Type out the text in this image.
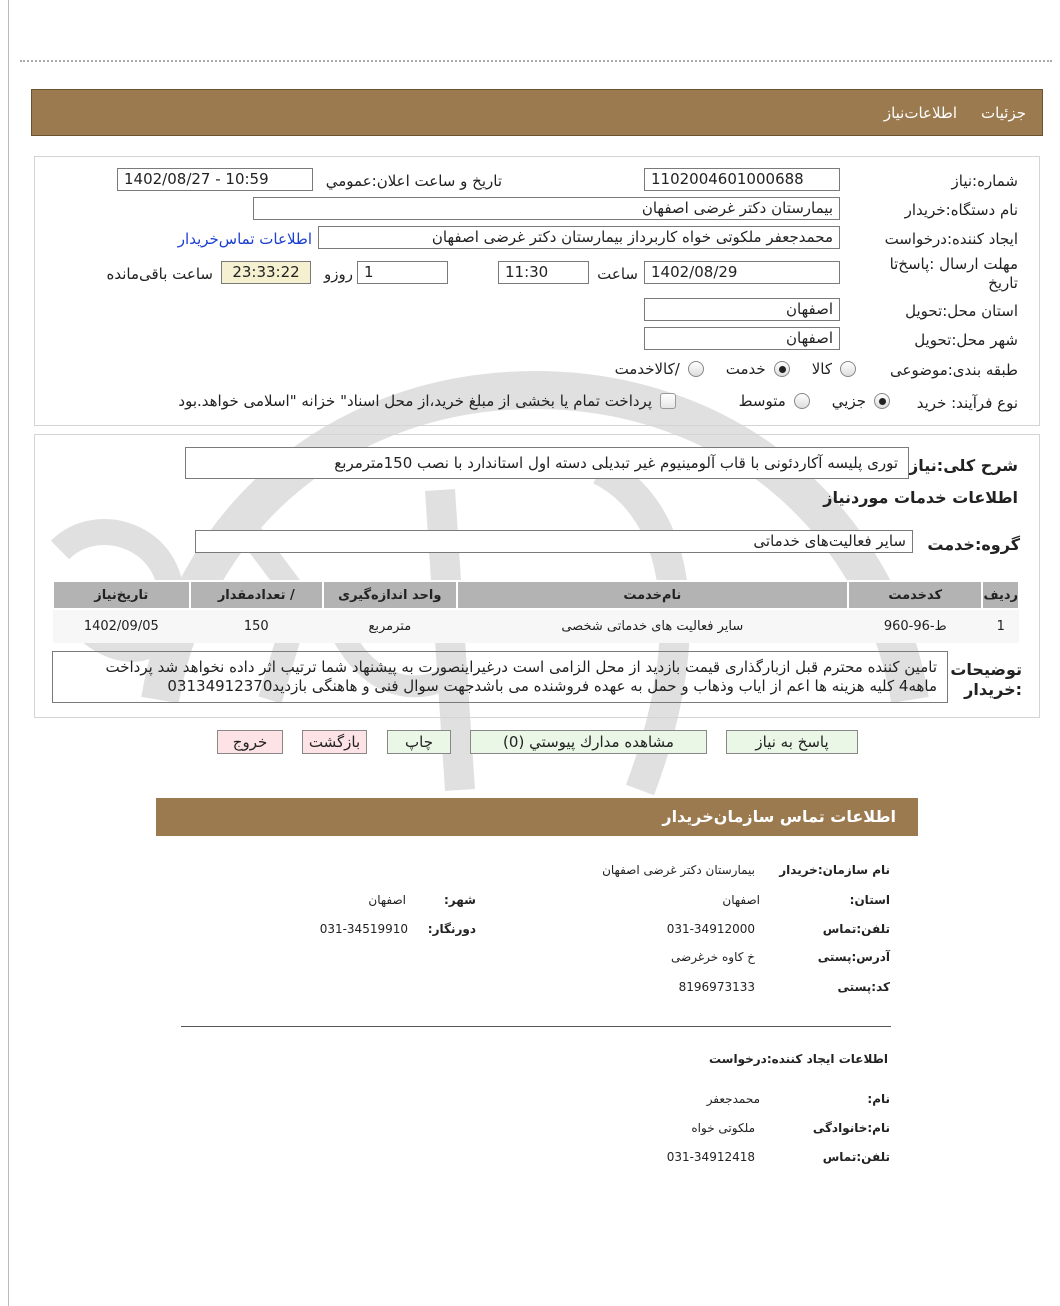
جزئیات
اطلاعات‌نیاز
شماره:نیاز
1102004601000688
تاریخ و ساعت اعلان:عمومي
1402/08/27 - 10:59
نام دستگاه:خریدار
بیمارستان دکتر غرضی اصفهان
ایجاد کننده:درخواست
محمدجعفر ملکوتی خواه کاربرداز بیمارستان دکتر غرضی اصفهان
اطلاعات تماس‌خریدار
مهلت ارسال :پاسخ‌تا تاریخ
1402/08/29
ساعت
11:30
1
روزو
23:33:22
ساعت باقی‌مانده
استان محل:تحویل
اصفهان
شهر محل:تحویل
اصفهان
طبقه بندی:موضوعی
کالا
خدمت
/کالاخدمت
نوع فرآیند: خرید
جزيي
متوسط
پرداخت تمام یا بخشی از مبلغ خرید،از محل اسناد" خزانه "اسلامی خواهد.بود
شرح کلی:نیاز
توری پلیسه آکاردئونی با قاب آلومینیوم غیر تبدیلی دسته اول استاندارد با نصب 150مترمربع
اطلاعات خدمات موردنیاز
گروه:خدمت
سایر فعالیت‌های خدماتی
ردیف	کدخدمت	نام‌خدمت	واحد اندازه‌گیری	/ تعدادمقدار	تاریخ‌نیاز
1	ط-96-960	سایر فعالیت های خدماتی شخصی	مترمربع	150	1402/09/05
توضیحات
:خریدار
تامین کننده محترم قبل ازبارگذاری قیمت بازدید از محل الزامی است درغیراینصورت به پیشنهاد شما ترتیب اثر داده نخواهد شد پرداخت
ماهه4 کلیه هزینه ها اعم از ایاب وذهاب و حمل به عهده فروشنده می باشدجهت سوال فنی و هاهنگی بازدید03134912370
پاسخ به نیاز
مشاهده مدارك پيوستي (0)
چاپ
بازگشت
خروج
اطلاعات تماس سازمان‌خریدار
نام سازمان:خریدار
بیمارستان دکتر غرضی اصفهان
استان:
اصفهان
شهر:
اصفهان
تلفن:تماس
031-34912000
دورنگار:
031-34519910
آدرس:پستی
خ کاوه خرغرضی
کد:پستی
8196973133
اطلاعات ایجاد کننده:درخواست
نام:
محمدجعفر
نام:خانوادگی
ملکوتی خواه
تلفن:تماس
031-34912418
